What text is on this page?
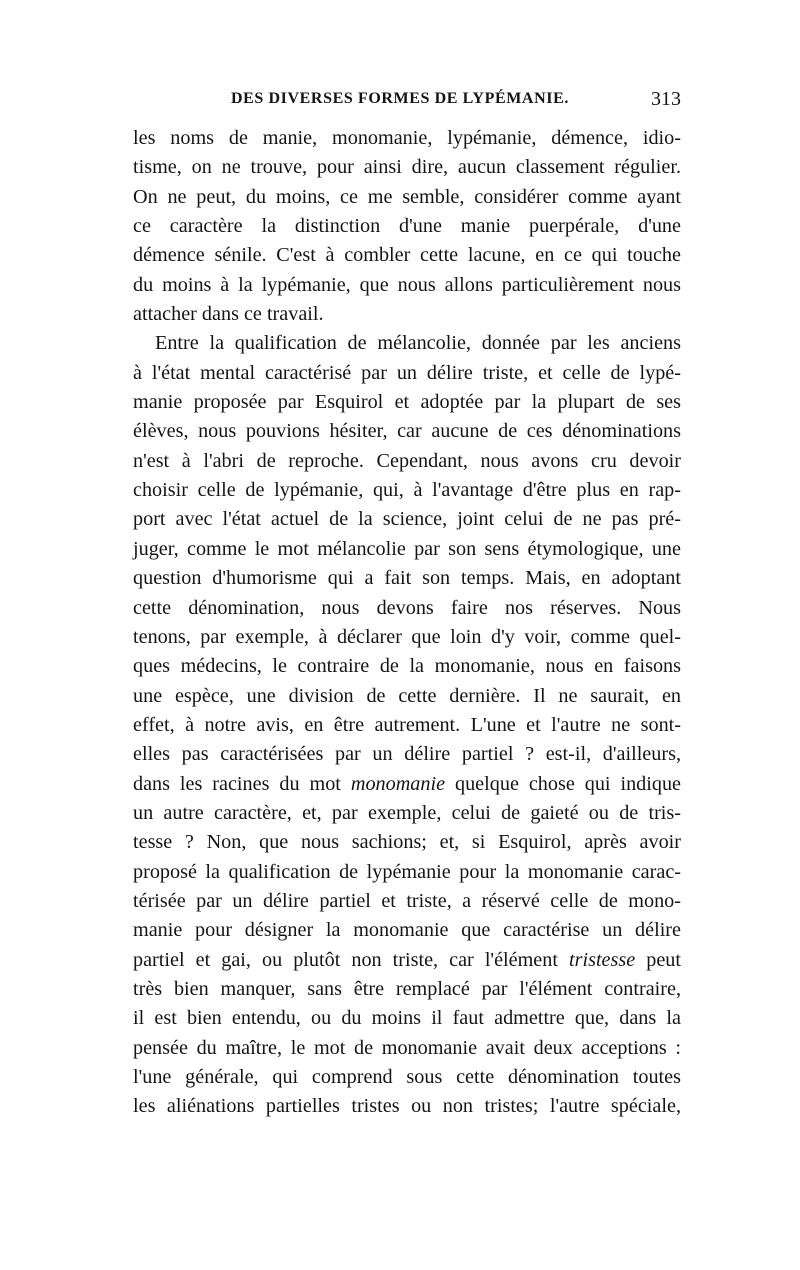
DES DIVERSES FORMES DE LYPÉMANIE.	313
les noms de manie, monomanie, lypémanie, démence, idio-
tisme, on ne trouve, pour ainsi dire, aucun classement régulier.
On ne peut, du moins, ce me semble, considérer comme ayant
ce caractère la distinction d'une manie puerpérale, d'une
démence sénile. C'est à combler cette lacune, en ce qui touche
du moins à la lypémanie, que nous allons particulièrement nous
attacher dans ce travail.
Entre la qualification de mélancolie, donnée par les anciens
à l'état mental caractérisé par un délire triste, et celle de lypé-
manie proposée par Esquirol et adoptée par la plupart de ses
élèves, nous pouvions hésiter, car aucune de ces dénominations
n'est à l'abri de reproche. Cependant, nous avons cru devoir
choisir celle de lypémanie, qui, à l'avantage d'être plus en rap-
port avec l'état actuel de la science, joint celui de ne pas pré-
juger, comme le mot mélancolie par son sens étymologique, une
question d'humorisme qui a fait son temps. Mais, en adoptant
cette dénomination, nous devons faire nos réserves. Nous
tenons, par exemple, à déclarer que loin d'y voir, comme quel-
ques médecins, le contraire de la monomanie, nous en faisons
une espèce, une division de cette dernière. Il ne saurait, en
effet, à notre avis, en être autrement. L'une et l'autre ne sont-
elles pas caractérisées par un délire partiel ? est-il, d'ailleurs,
dans les racines du mot monomanie quelque chose qui indique
un autre caractère, et, par exemple, celui de gaieté ou de tris-
tesse ? Non, que nous sachions; et, si Esquirol, après avoir
proposé la qualification de lypémanie pour la monomanie carac-
térisée par un délire partiel et triste, a réservé celle de mono-
manie pour désigner la monomanie que caractérise un délire
partiel et gai, ou plutôt non triste, car l'élément tristesse peut
très bien manquer, sans être remplacé par l'élément contraire,
il est bien entendu, ou du moins il faut admettre que, dans la
pensée du maître, le mot de monomanie avait deux acceptions :
l'une générale, qui comprend sous cette dénomination toutes
les aliénations partielles tristes ou non tristes; l'autre spéciale,
